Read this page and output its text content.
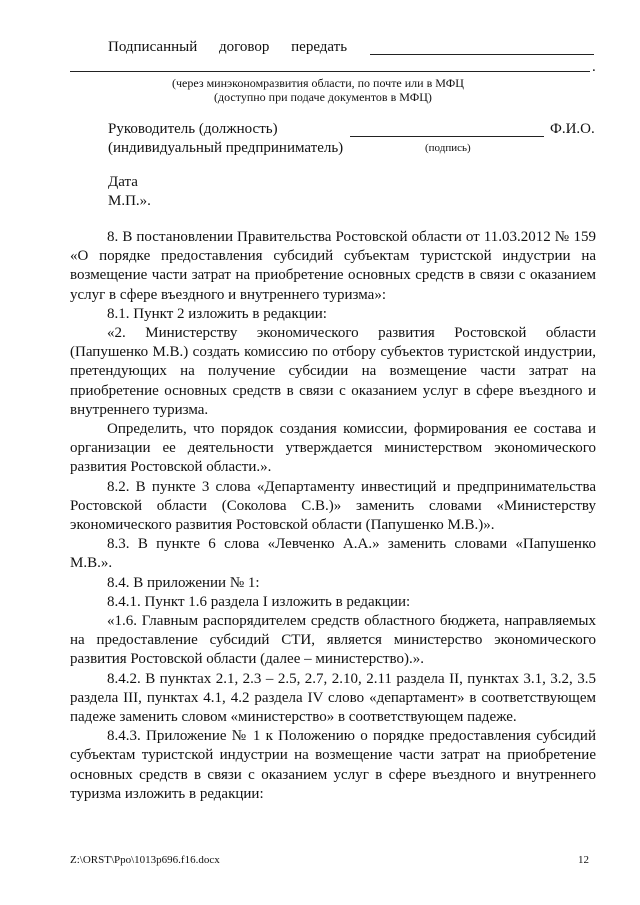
Подписанный договор передать
.
(через минэкономразвития области, по почте или в МФЦ
(доступно при подаче документов в МФЦ)
Руководитель (должность)	Ф.И.О.
(индивидуальный предприниматель)	(подпись)
Дата
М.П.».

8. В постановлении Правительства Ростовской области от 11.03.2012 № 159 «О порядке предоставления субсидий субъектам туристской индустрии на возмещение части затрат на приобретение основных средств в связи с оказанием услуг в сфере въездного и внутреннего туризма»:

8.1. Пункт 2 изложить в редакции:

«2. Министерству экономического развития Ростовской области (Папушенко М.В.) создать комиссию по отбору субъектов туристской индустрии, претендующих на получение субсидии на возмещение части затрат на приобретение основных средств в связи с оказанием услуг в сфере въездного и внутреннего туризма.

Определить, что порядок создания комиссии, формирования ее состава и организации ее деятельности утверждается министерством экономического развития Ростовской области.».

8.2. В пункте 3 слова «Департаменту инвестиций и предпринимательства Ростовской области (Соколова С.В.)» заменить словами «Министерству экономического развития Ростовской области (Папушенко М.В.)».

8.3. В пункте 6 слова «Левченко А.А.» заменить словами «Папушенко М.В.».

8.4. В приложении № 1:

8.4.1. Пункт 1.6 раздела I изложить в редакции:

«1.6. Главным распорядителем средств областного бюджета, направляемых на предоставление субсидий СТИ, является министерство экономического развития Ростовской области (далее – министерство).».

8.4.2. В пунктах 2.1, 2.3 – 2.5, 2.7, 2.10, 2.11 раздела II, пунктах 3.1, 3.2, 3.5 раздела III, пунктах 4.1, 4.2 раздела IV слово «департамент» в соответствующем падеже заменить словом «министерство» в соответствующем падеже.

8.4.3. Приложение № 1 к Положению о порядке предоставления субсидий субъектам туристской индустрии на возмещение части затрат на приобретение основных средств в связи с оказанием услуг в сфере въездного и внутреннего туризма изложить в редакции:

Z:\ORST\Ppo\1013p696.f16.docx	12
